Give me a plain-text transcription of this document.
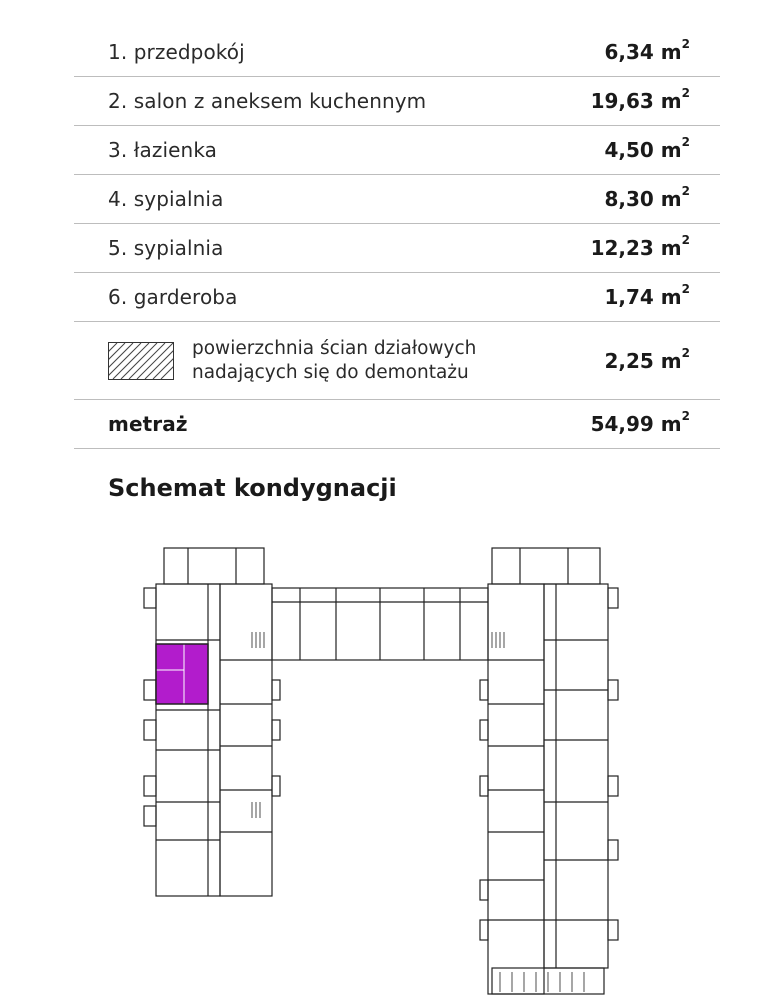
1. przedpokój	6,34 $m^2$
2. salon z aneksem kuchennym	19,63 $m^2$
3. łazienka	4,50 $m^2$
4. sypialnia	8,30 $m^2$
5. sypialnia	12,23 $m^2$
6. garderoba	1,74 $m^2$
powierzchnia ścian działowych
nadających się do demontażu	2,25 $m^2$
metraż	54,99 $m^2$
Schemat kondygnacji
